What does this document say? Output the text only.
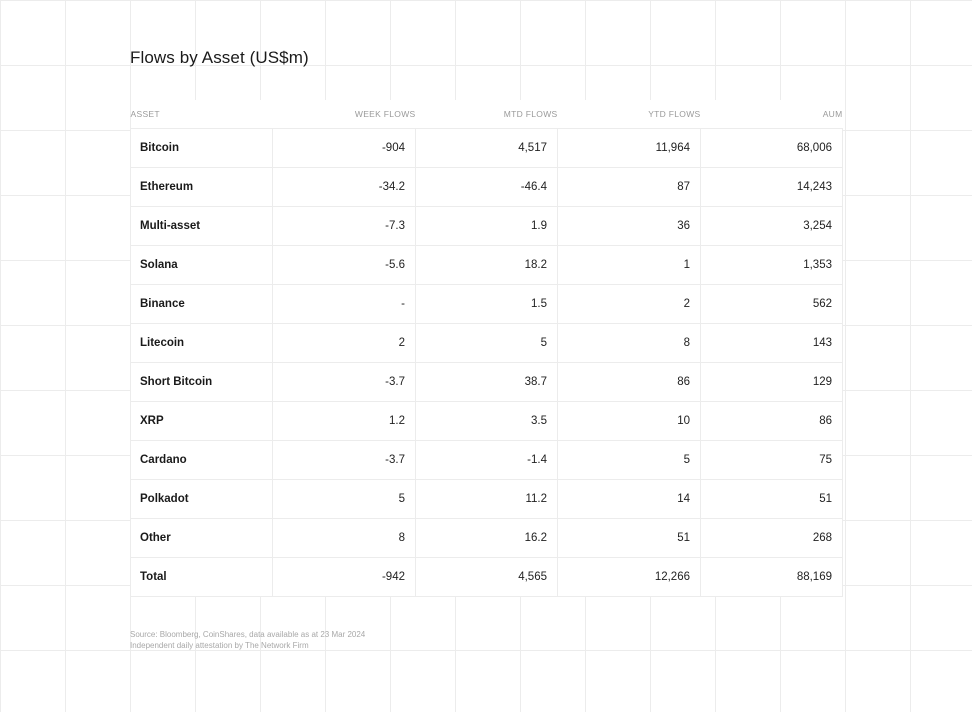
Flows by Asset (US$m)
ASSET	WEEK FLOWS	MTD FLOWS	YTD FLOWS	AUM
Bitcoin	-904	4,517	11,964	68,006
Ethereum	-34.2	-46.4	87	14,243
Multi-asset	-7.3	1.9	36	3,254
Solana	-5.6	18.2	1	1,353
Binance	-	1.5	2	562
Litecoin	2	5	8	143
Short Bitcoin	-3.7	38.7	86	129
XRP	1.2	3.5	10	86
Cardano	-3.7	-1.4	5	75
Polkadot	5	11.2	14	51
Other	8	16.2	51	268
Total	-942	4,565	12,266	88,169
Source: Bloomberg, CoinShares, data available as at 23 Mar 2024
Independent daily attestation by The Network Firm
